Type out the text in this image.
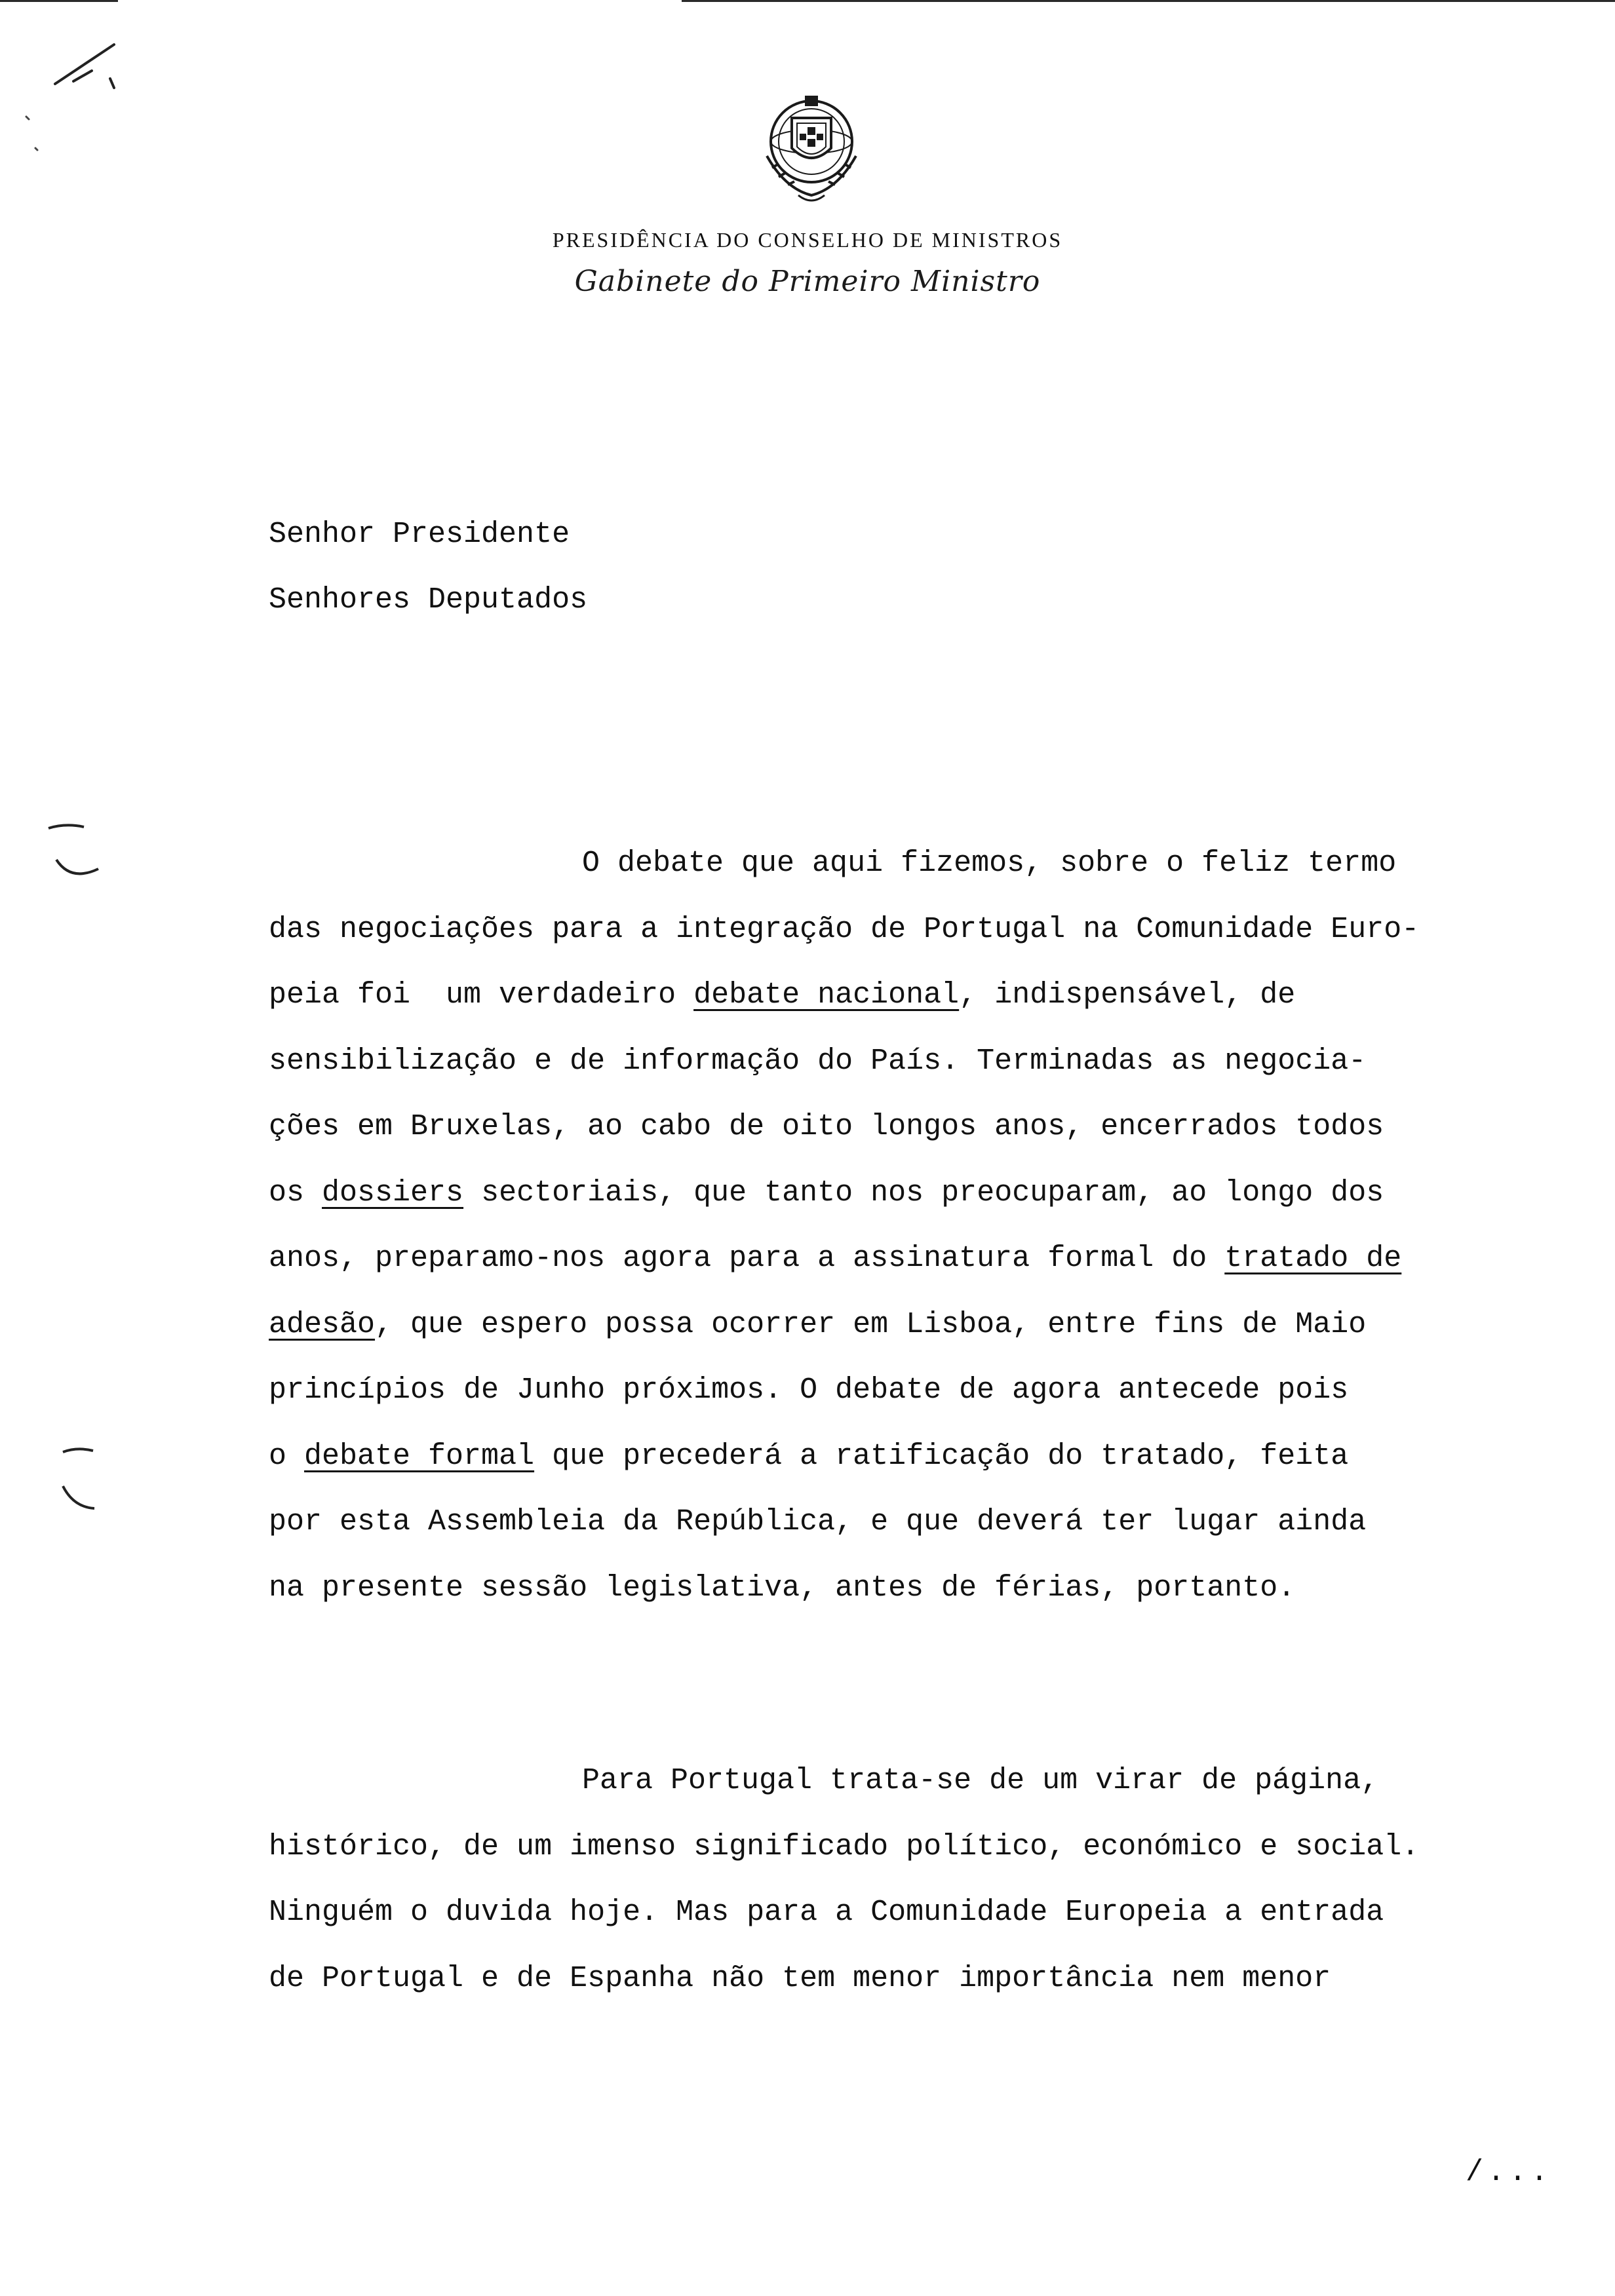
PRESIDÊNCIA DO CONSELHO DE MINISTROS
Gabinete do Primeiro Ministro

Senhor Presidente

Senhores Deputados

O debate que aqui fizemos, sobre o feliz termo
das negociações para a integração de Portugal na Comunidade Euro-
peia foi  um verdadeiro debate nacional, indispensável, de
sensibilização e de informação do País. Terminadas as negocia-
ções em Bruxelas, ao cabo de oito longos anos, encerrados todos
os dossiers sectoriais, que tanto nos preocuparam, ao longo dos
anos, preparamo-nos agora para a assinatura formal do tratado de
adesão, que espero possa ocorrer em Lisboa, entre fins de Maio
princípios de Junho próximos. O debate de agora antecede pois
o debate formal que precederá a ratificação do tratado, feita
por esta Assembleia da República, e que deverá ter lugar ainda
na presente sessão legislativa, antes de férias, portanto.

Para Portugal trata-se de um virar de página,
histórico, de um imenso significado político, económico e social.
Ninguém o duvida hoje. Mas para a Comunidade Europeia a entrada
de Portugal e de Espanha não tem menor importância nem menor

/...
